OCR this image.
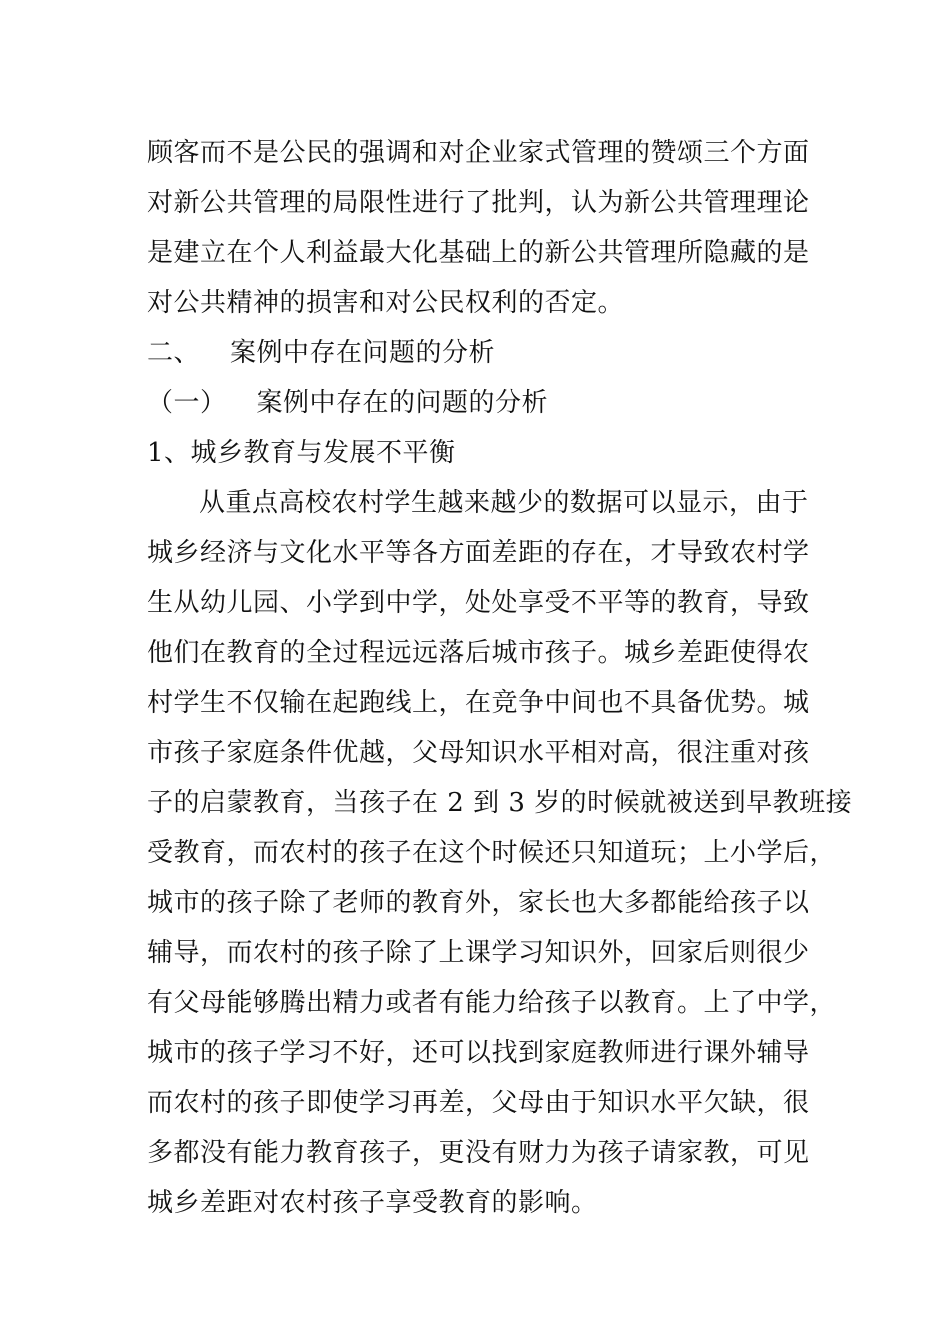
顾客而不是公民的强调和对企业家式管理的赞颂三个方面
对新公共管理的局限性进行了批判，认为新公共管理理论
是建立在个人利益最大化基础上的新公共管理所隐藏的是
对公共精神的损害和对公民权利的否定。
二、 案例中存在问题的分析
（一） 案例中存在的问题的分析
1、城乡教育与发展不平衡
从重点高校农村学生越来越少的数据可以显示，由于
城乡经济与文化水平等各方面差距的存在，才导致农村学
生从幼儿园、小学到中学，处处享受不平等的教育，导致
他们在教育的全过程远远落后城市孩子。城乡差距使得农
村学生不仅输在起跑线上，在竞争中间也不具备优势。城
市孩子家庭条件优越，父母知识水平相对高，很注重对孩
子的启蒙教育，当孩子在 2 到 3 岁的时候就被送到早教班接
受教育，而农村的孩子在这个时候还只知道玩；上小学后，
城市的孩子除了老师的教育外，家长也大多都能给孩子以
辅导，而农村的孩子除了上课学习知识外，回家后则很少
有父母能够腾出精力或者有能力给孩子以教育。上了中学，
城市的孩子学习不好，还可以找到家庭教师进行课外辅导
而农村的孩子即使学习再差，父母由于知识水平欠缺，很
多都没有能力教育孩子，更没有财力为孩子请家教，可见
城乡差距对农村孩子享受教育的影响。
